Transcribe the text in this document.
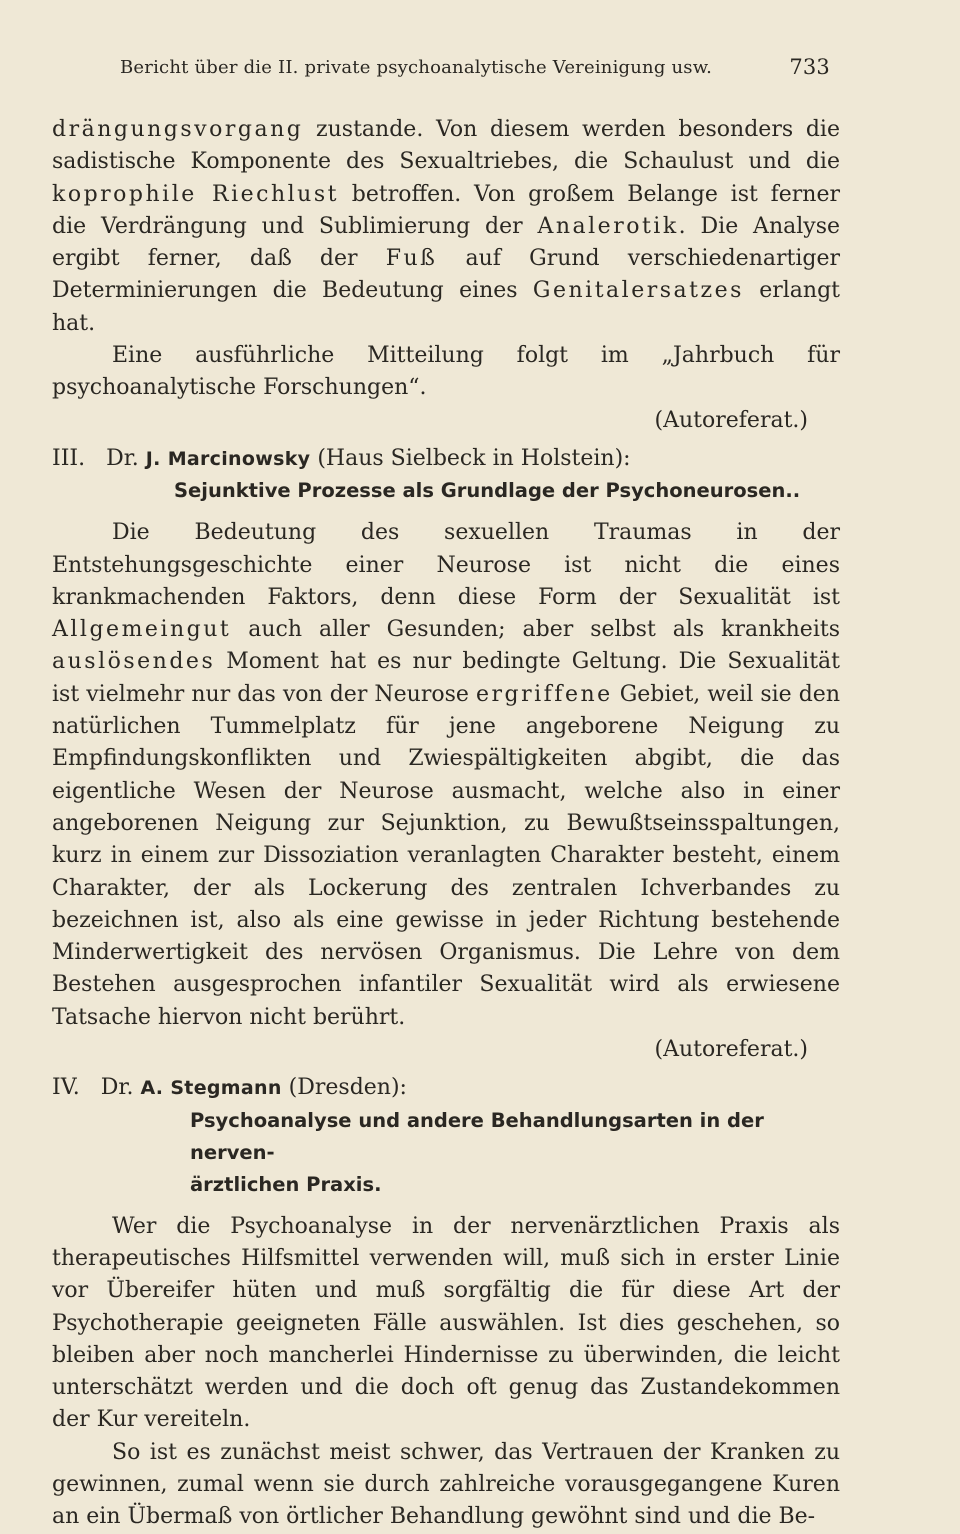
Bericht über die II. private psychoanalytische Vereinigung usw.	733

drängungsvorgang zustande. Von diesem werden besonders die sadistische Komponente des Sexualtriebes, die Schaulust und die koprophile Riechlust betroffen. Von großem Belange ist ferner die Verdrängung und Sublimierung der Analerotik. Die Analyse ergibt ferner, daß der Fuß auf Grund verschiedenartiger Determinierungen die Bedeutung eines Genitalersatzes erlangt hat.

Eine ausführliche Mitteilung folgt im „Jahrbuch für psychoanalytische Forschungen“.

(Autoreferat.)

III. Dr. J. Marcinowsky (Haus Sielbeck in Holstein):

Sejunktive Prozesse als Grundlage der Psychoneurosen..

Die Bedeutung des sexuellen Traumas in der Entstehungsgeschichte einer Neurose ist nicht die eines krankmachenden Faktors, denn diese Form der Sexualität ist Allgemeingut auch aller Gesunden; aber selbst als krankheits auslösendes Moment hat es nur bedingte Geltung. Die Sexualität ist vielmehr nur das von der Neurose ergriffene Gebiet, weil sie den natürlichen Tummelplatz für jene angeborene Neigung zu Empfindungskonflikten und Zwiespältigkeiten abgibt, die das eigentliche Wesen der Neurose ausmacht, welche also in einer angeborenen Neigung zur Sejunktion, zu Bewußtseinsspaltungen, kurz in einem zur Dissoziation veranlagten Charakter besteht, einem Charakter, der als Lockerung des zentralen Ichverbandes zu bezeichnen ist, also als eine gewisse in jeder Richtung bestehende Minderwertigkeit des nervösen Organismus. Die Lehre von dem Bestehen ausgesprochen infantiler Sexualität wird als erwiesene Tatsache hiervon nicht berührt.

(Autoreferat.)

IV. Dr. A. Stegmann (Dresden):

Psychoanalyse und andere Behandlungsarten in der nerven-

ärztlichen Praxis.

Wer die Psychoanalyse in der nervenärztlichen Praxis als therapeutisches Hilfsmittel verwenden will, muß sich in erster Linie vor Übereifer hüten und muß sorgfältig die für diese Art der Psychotherapie geeigneten Fälle auswählen. Ist dies geschehen, so bleiben aber noch mancherlei Hindernisse zu überwinden, die leicht unterschätzt werden und die doch oft genug das Zustandekommen der Kur vereiteln.

So ist es zunächst meist schwer, das Vertrauen der Kranken zu gewinnen, zumal wenn sie durch zahlreiche vorausgegangene Kuren an ein Übermaß von örtlicher Behandlung gewöhnt sind und die Be-
